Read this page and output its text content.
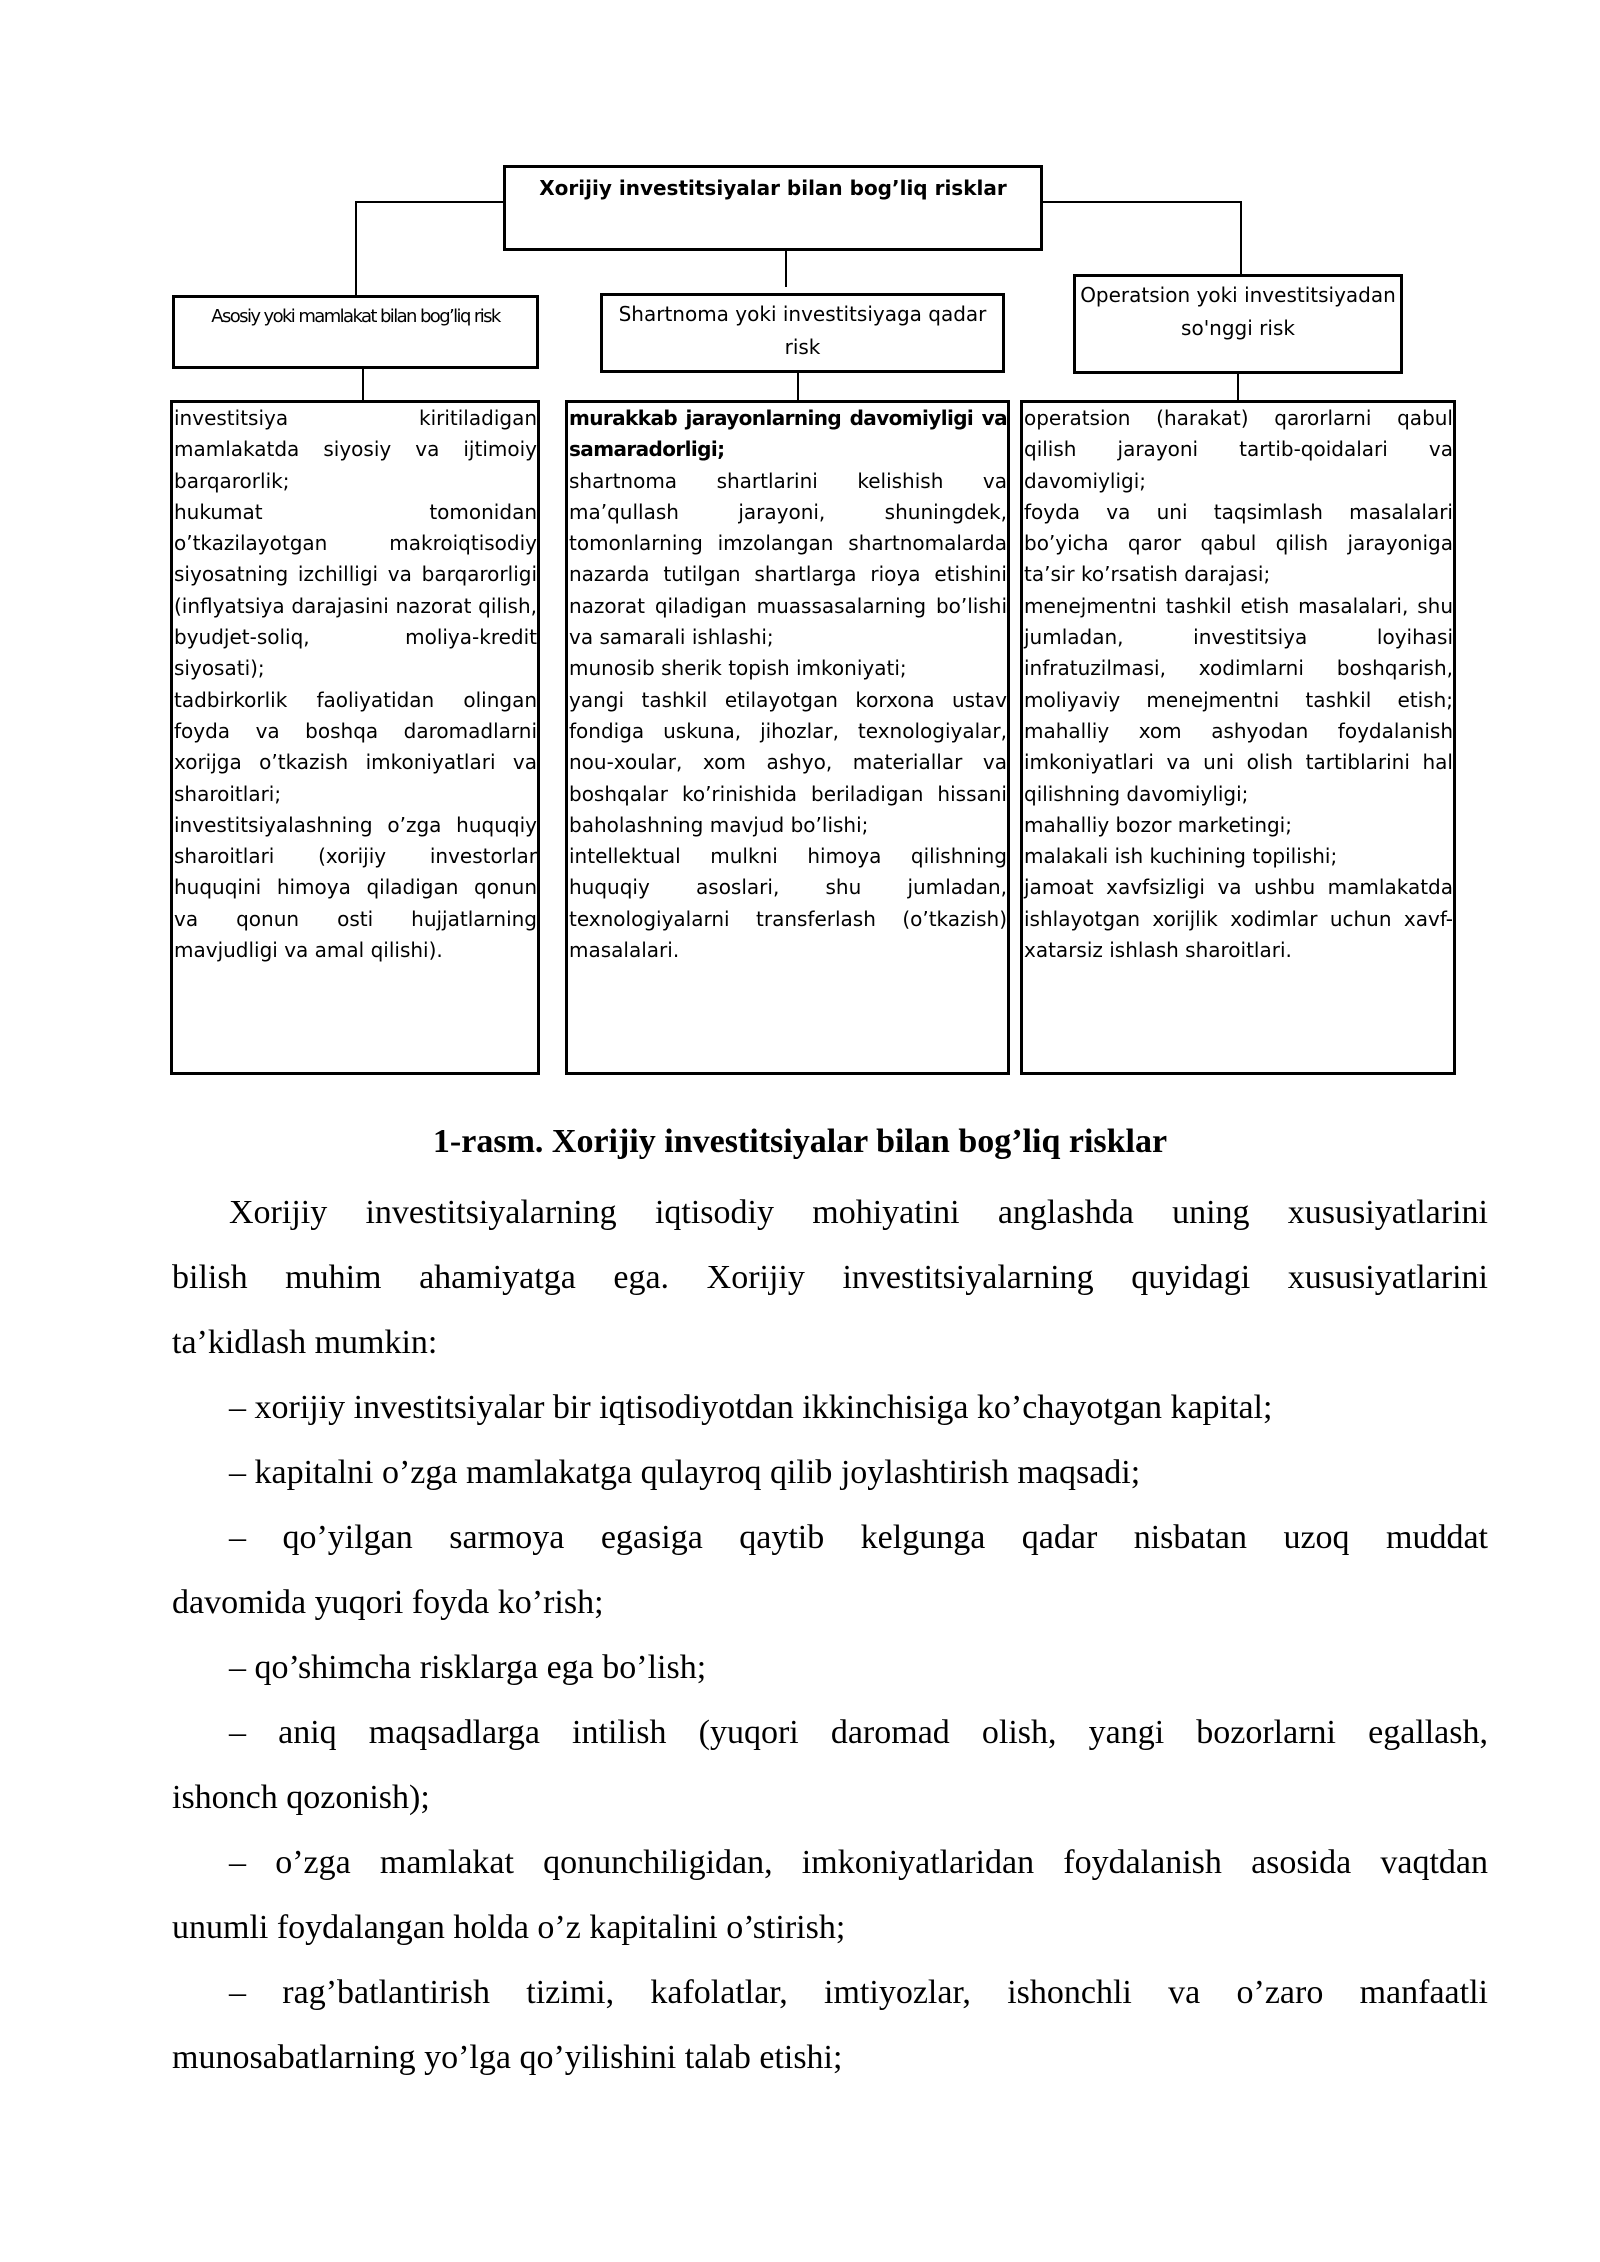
Xorijiy investitsiyalar bilan bog’liq risklar
Asosiy yoki mamlakat bilan bog’liq risk	Shartnoma yoki investitsiyaga qadar risk
Operatsion yoki investitsiyadan so'nggi risk
investitsiya kiritiladigan
mamlakatda siyosiy va ijtimoiy
barqarorlik;
hukumat tomonidan
o’tkazilayotgan makroiqtisodiy
siyosatning izchilligi va barqarorligi
(inflyatsiya darajasini nazorat qilish,
byudjet-soliq, moliya-kredit
siyosati);
tadbirkorlik faoliyatidan olingan
foyda va boshqa daromadlarni
xorijga o’tkazish imkoniyatlari va
sharoitlari;
investitsiyalashning o’zga huquqiy
sharoitlari (xorijiy investorlar
huquqini himoya qiladigan qonun
va qonun osti hujjatlarning
mavjudligi va amal qilishi).
murakkab jarayonlarning davomiyligi va
samaradorligi;
shartnoma shartlarini kelishish va
ma’qullash jarayoni, shuningdek,
tomonlarning imzolangan shartnomalarda
nazarda tutilgan shartlarga rioya etishini
nazorat qiladigan muassasalarning bo’lishi
va samarali ishlashi;
munosib sherik topish imkoniyati;
yangi tashkil etilayotgan korxona ustav
fondiga uskuna, jihozlar, texnologiyalar,
nou-xoular, xom ashyo, materiallar va
boshqalar ko’rinishida beriladigan hissani
baholashning mavjud bo’lishi;
intellektual mulkni himoya qilishning
huquqiy asoslari, shu jumladan,
texnologiyalarni transferlash (o’tkazish)
masalalari.
operatsion (harakat) qarorlarni qabul
qilish jarayoni tartib-qoidalari va
davomiyligi;
foyda va uni taqsimlash masalalari
bo’yicha qaror qabul qilish jarayoniga
ta’sir ko’rsatish darajasi;
menejmentni tashkil etish masalalari, shu
jumladan, investitsiya loyihasi
infratuzilmasi, xodimlarni boshqarish,
moliyaviy menejmentni tashkil etish;
mahalliy xom ashyodan foydalanish
imkoniyatlari va uni olish tartiblarini hal
qilishning davomiyligi;
mahalliy bozor marketingi;
malakali ish kuchining topilishi;
jamoat xavfsizligi va ushbu mamlakatda
ishlayotgan xorijlik xodimlar uchun xavf-
xatarsiz ishlash sharoitlari.
1-rasm. Xorijiy investitsiyalar bilan bog’liq risklar
Xorijiy investitsiyalarning iqtisodiy mohiyatini anglashda uning xususiyatlarini
bilish muhim ahamiyatga ega. Xorijiy investitsiyalarning quyidagi xususiyatlarini
ta’kidlash mumkin:
– xorijiy investitsiyalar bir iqtisodiyotdan ikkinchisiga ko’chayotgan kapital;
– kapitalni o’zga mamlakatga qulayroq qilib joylashtirish maqsadi;
– qo’yilgan sarmoya egasiga qaytib kelgunga qadar nisbatan uzoq muddat
davomida yuqori foyda ko’rish;
– qo’shimcha risklarga ega bo’lish;
– aniq maqsadlarga intilish (yuqori daromad olish, yangi bozorlarni egallash,
ishonch qozonish);
– o’zga mamlakat qonunchiligidan, imkoniyatlaridan foydalanish asosida vaqtdan
unumli foydalangan holda o’z kapitalini o’stirish;
– rag’batlantirish tizimi, kafolatlar, imtiyozlar, ishonchli va o’zaro manfaatli
munosabatlarning yo’lga qo’yilishini talab etishi;
